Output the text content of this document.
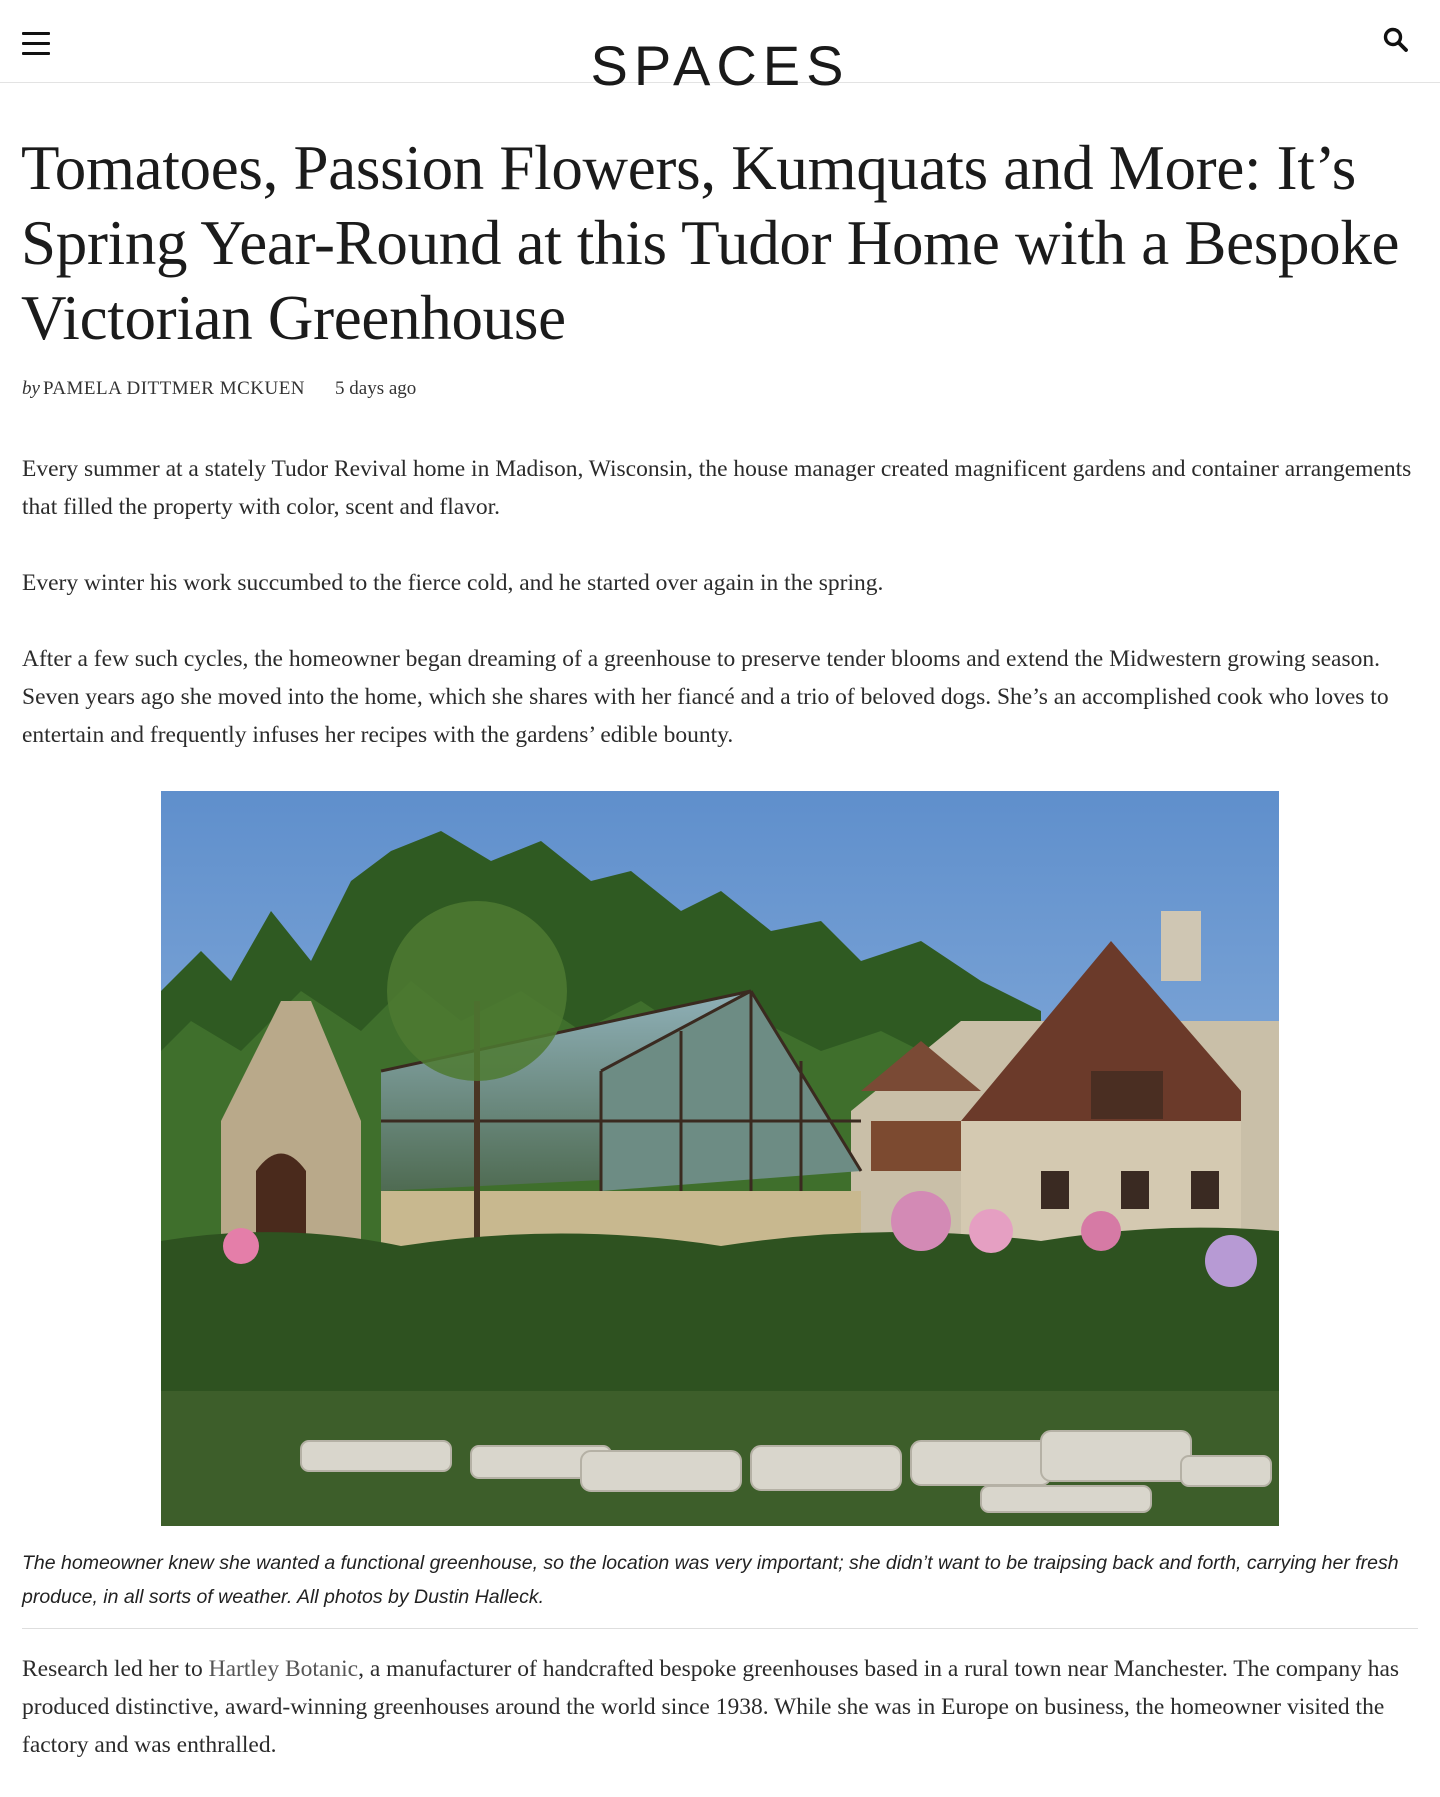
SPACES
Tomatoes, Passion Flowers, Kumquats and More: It’s Spring Year-Round at this Tudor Home with a Bespoke Victorian Greenhouse
by PAMELA DITTMER MCKUEN 5 days ago

Every summer at a stately Tudor Revival home in Madison, Wisconsin, the house manager created magnificent gardens and container arrangements that filled the property with color, scent and flavor.

Every winter his work succumbed to the fierce cold, and he started over again in the spring.

After a few such cycles, the homeowner began dreaming of a greenhouse to preserve tender blooms and extend the Midwestern growing season. Seven years ago she moved into the home, which she shares with her fiancé and a trio of beloved dogs. She’s an accomplished cook who loves to entertain and frequently infuses her recipes with the gardens’ edible bounty.

The homeowner knew she wanted a functional greenhouse, so the location was very important; she didn’t want to be traipsing back and forth, carrying her fresh produce, in all sorts of weather. All photos by Dustin Halleck.

Research led her to Hartley Botanic, a manufacturer of handcrafted bespoke greenhouses based in a rural town near Manchester. The company has produced distinctive, award-winning greenhouses around the world since 1938. While she was in Europe on business, the homeowner visited the factory and was enthralled.
